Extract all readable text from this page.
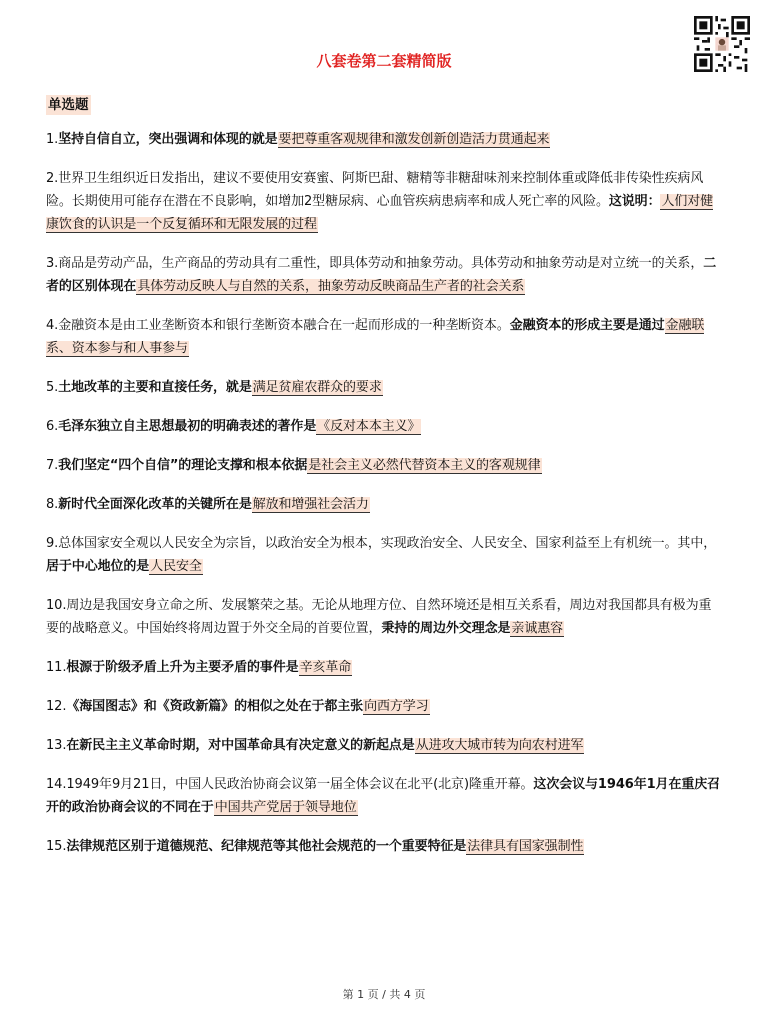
八套卷第二套精简版
单选题
1.坚持自信自立，突出强调和体现的就是要把尊重客观规律和激发创新创造活力贯通起来
2.世界卫生组织近日发指出，建议不要使用安赛蜜、阿斯巴甜、糖精等非糖甜味剂来控制体重或降低非传染性疾病风险。长期使用可能存在潜在不良影响，如增加2型糖尿病、心血管疾病患病率和成人死亡率的风险。这说明：人们对健康饮食的认识是一个反复循环和无限发展的过程
3.商品是劳动产品，生产商品的劳动具有二重性，即具体劳动和抽象劳动。具体劳动和抽象劳动是对立统一的关系，二者的区别体现在具体劳动反映人与自然的关系，抽象劳动反映商品生产者的社会关系
4.金融资本是由工业垄断资本和银行垄断资本融合在一起而形成的一种垄断资本。金融资本的形成主要是通过金融联系、资本参与和人事参与
5.土地改革的主要和直接任务，就是满足贫雇农群众的要求
6.毛泽东独立自主思想最初的明确表述的著作是《反对本本主义》
7.我们坚定“四个自信”的理论支撑和根本依据是社会主义必然代替资本主义的客观规律
8.新时代全面深化改革的关键所在是解放和增强社会活力
9.总体国家安全观以人民安全为宗旨，以政治安全为根本，实现政治安全、人民安全、国家利益至上有机统一。其中，居于中心地位的是人民安全
10.周边是我国安身立命之所、发展繁荣之基。无论从地理方位、自然环境还是相互关系看，周边对我国都具有极为重要的战略意义。中国始终将周边置于外交全局的首要位置，秉持的周边外交理念是亲诚惠容
11.根源于阶级矛盾上升为主要矛盾的事件是辛亥革命
12.《海国图志》和《资政新篇》的相似之处在于都主张向西方学习
13.在新民主主义革命时期，对中国革命具有决定意义的新起点是从进攻大城市转为向农村进军
14.1949年9月21日，中国人民政治协商会议第一届全体会议在北平(北京)隆重开幕。这次会议与1946年1月在重庆召开的政治协商会议的不同在于中国共产党居于领导地位
15.法律规范区别于道德规范、纪律规范等其他社会规范的一个重要特征是法律具有国家强制性
第 1 页 / 共 4 页
